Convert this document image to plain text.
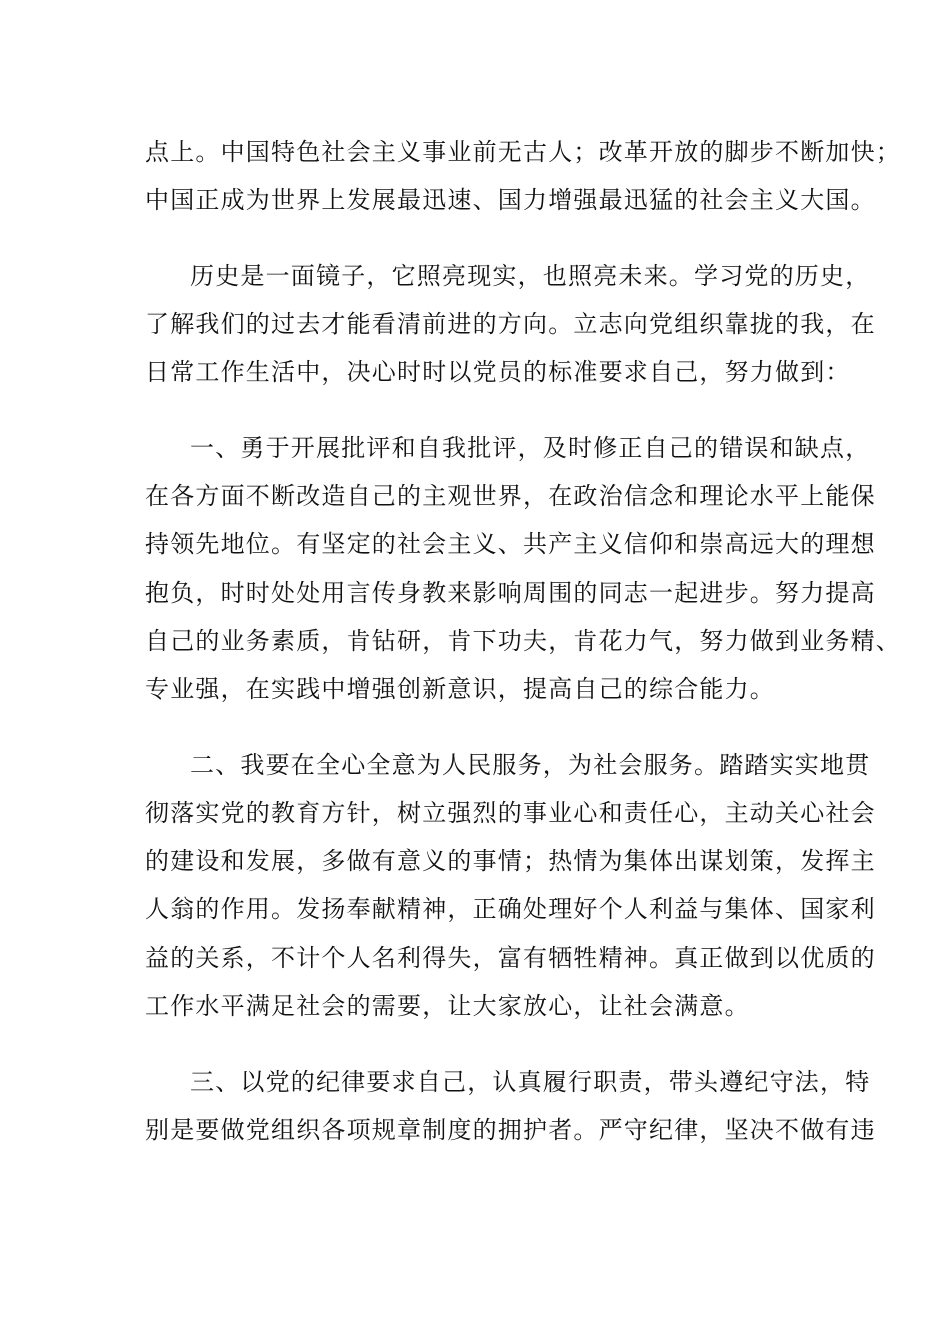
点上。中国特色社会主义事业前无古人；改革开放的脚步不断加快；
中国正成为世界上发展最迅速、国力增强最迅猛的社会主义大国。
历史是一面镜子，它照亮现实，也照亮未来。学习党的历史，
了解我们的过去才能看清前进的方向。立志向党组织靠拢的我，在
日常工作生活中，决心时时以党员的标准要求自己，努力做到：
一、勇于开展批评和自我批评，及时修正自己的错误和缺点，
在各方面不断改造自己的主观世界，在政治信念和理论水平上能保
持领先地位。有坚定的社会主义、共产主义信仰和崇高远大的理想
抱负，时时处处用言传身教来影响周围的同志一起进步。努力提高
自己的业务素质，肯钻研，肯下功夫，肯花力气，努力做到业务精、
专业强，在实践中增强创新意识，提高自己的综合能力。
二、我要在全心全意为人民服务，为社会服务。踏踏实实地贯
彻落实党的教育方针，树立强烈的事业心和责任心，主动关心社会
的建设和发展，多做有意义的事情；热情为集体出谋划策，发挥主
人翁的作用。发扬奉献精神，正确处理好个人利益与集体、国家利
益的关系，不计个人名利得失，富有牺牲精神。真正做到以优质的
工作水平满足社会的需要，让大家放心，让社会满意。
三、以党的纪律要求自己，认真履行职责，带头遵纪守法，特
别是要做党组织各项规章制度的拥护者。严守纪律，坚决不做有违
